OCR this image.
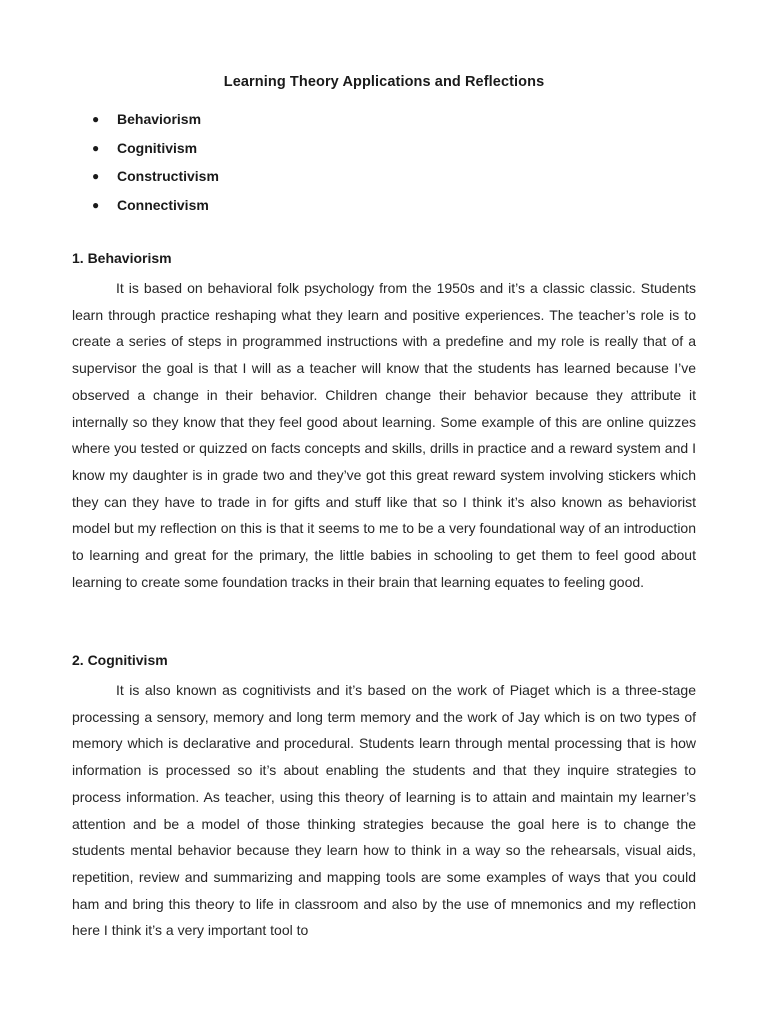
Learning Theory Applications and Reflections
●	Behaviorism
●	Cognitivism
●	Constructivism
●	Connectivism

1. Behaviorism

It is based on behavioral folk psychology from the 1950s and it’s a classic classic. Students learn through practice reshaping what they learn and positive experiences. The teacher’s role is to create a series of steps in programmed instructions with a predefine and my role is really that of a supervisor the goal is that I will as a teacher will know that the students has learned because I’ve observed a change in their behavior. Children change their behavior because they attribute it internally so they know that they feel good about learning. Some example of this are online quizzes where you tested or quizzed on facts concepts and skills, drills in practice and a reward system and I know my daughter is in grade two and they’ve got this great reward system involving stickers which they can they have to trade in for gifts and stuff like that so I think it’s also known as behaviorist model but my reflection on this is that it seems to me to be a very foundational way of an introduction to learning and great for the primary, the little babies in schooling to get them to feel good about learning to create some foundation tracks in their brain that learning equates to feeling good.

2. Cognitivism

It is also known as cognitivists and it’s based on the work of Piaget which is a three-stage processing a sensory, memory and long term memory and the work of Jay which is on two types of memory which is declarative and procedural. Students learn through mental processing that is how information is processed so it’s about enabling the students and that they inquire strategies to process information. As teacher, using this theory of learning is to attain and maintain my learner’s attention and be a model of those thinking strategies because the goal here is to change the students mental behavior because they learn how to think in a way so the rehearsals, visual aids, repetition, review and summarizing and mapping tools are some examples of ways that you could ham and bring this theory to life in classroom and also by the use of mnemonics and my reflection here I think it’s a very important tool to
